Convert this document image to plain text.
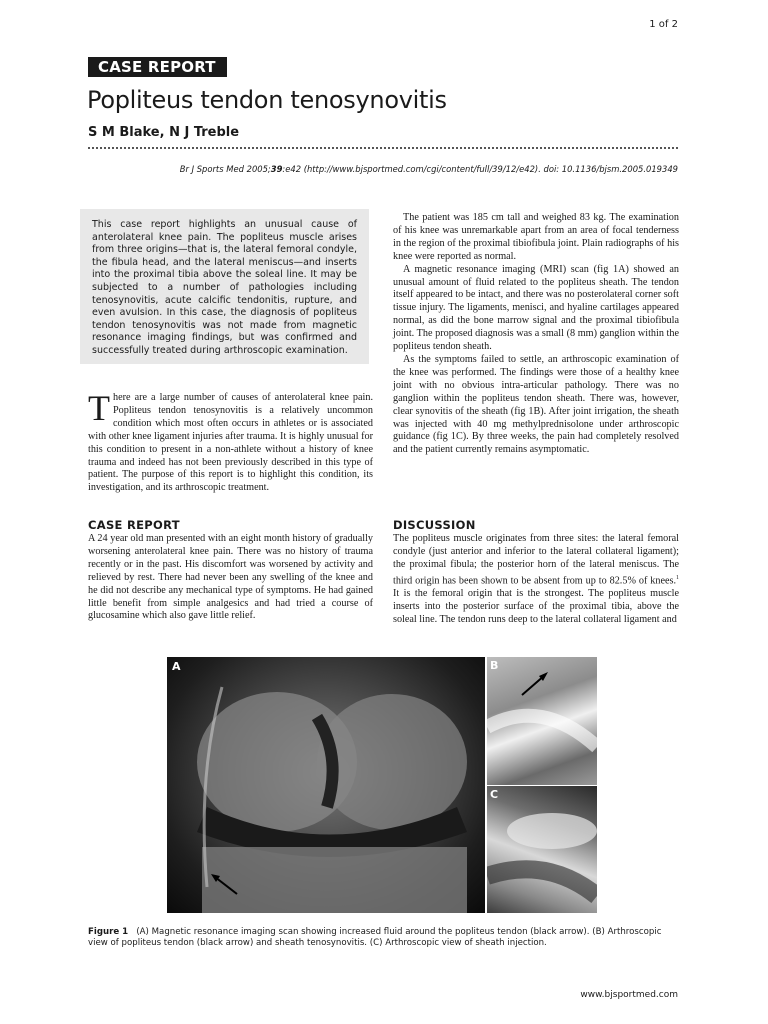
1 of 2
CASE REPORT
Popliteus tendon tenosynovitis
S M Blake, N J Treble
Br J Sports Med 2005;39:e42 (http://www.bjsportmed.com/cgi/content/full/39/12/e42). doi: 10.1136/bjsm.2005.019349
This case report highlights an unusual cause of anterolateral knee pain. The popliteus muscle arises from three origins—that is, the lateral femoral condyle, the fibula head, and the lateral meniscus—and inserts into the proximal tibia above the soleal line. It may be subjected to a number of pathologies including tenosynovitis, acute calcific tendonitis, rupture, and even avulsion. In this case, the diagnosis of popliteus tendon tenosynovitis was not made from magnetic resonance imaging findings, but was confirmed and successfully treated during arthroscopic examination.
T here are a large number of causes of anterolateral knee pain. Popliteus tendon tenosynovitis is a relatively uncommon condition which most often occurs in athletes or is associated with other knee ligament injuries after trauma. It is highly unusual for this condition to present in a non-athlete without a history of knee trauma and indeed has not been previously described in this type of patient. The purpose of this report is to highlight this condition, its investigation, and its arthroscopic treatment.
CASE REPORT

A 24 year old man presented with an eight month history of gradually worsening anterolateral knee pain. There was no history of trauma recently or in the past. His discomfort was worsened by activity and relieved by rest. There had never been any swelling of the knee and he did not describe any mechanical type of symptoms. He had gained little benefit from simple analgesics and had tried a course of glucosamine which also gave little relief.

The patient was 185 cm tall and weighed 83 kg. The examination of his knee was unremarkable apart from an area of focal tenderness in the region of the proximal tibiofibula joint. Plain radiographs of his knee were reported as normal.

A magnetic resonance imaging (MRI) scan (fig 1A) showed an unusual amount of fluid related to the popliteus sheath. The tendon itself appeared to be intact, and there was no posterolateral corner soft tissue injury. The ligaments, menisci, and hyaline cartilages appeared normal, as did the bone marrow signal and the proximal tibiofibula joint. The proposed diagnosis was a small (8 mm) ganglion within the popliteus tendon sheath.

As the symptoms failed to settle, an arthroscopic examination of the knee was performed. The findings were those of a healthy knee joint with no obvious intra-articular pathology. There was no ganglion within the popliteus tendon sheath. There was, however, clear synovitis of the sheath (fig 1B). After joint irrigation, the sheath was injected with 40 mg methylprednisolone under arthroscopic guidance (fig 1C). By three weeks, the pain had completely resolved and the patient currently remains asymptomatic.

DISCUSSION

The popliteus muscle originates from three sites: the lateral femoral condyle (just anterior and inferior to the lateral collateral ligament); the proximal fibula; the posterior horn of the lateral meniscus. The third origin has been shown to be absent from up to 82.5% of knees.$^1$ It is the femoral origin that is the strongest. The popliteus muscle inserts into the posterior surface of the proximal tibia, above the soleal line. The tendon runs deep to the lateral collateral ligament and

A	B
C
Figure 1 (A) Magnetic resonance imaging scan showing increased fluid around the popliteus tendon (black arrow). (B) Arthroscopic view of popliteus tendon (black arrow) and sheath tenosynovitis. (C) Arthroscopic view of sheath injection.
www.bjsportmed.com
